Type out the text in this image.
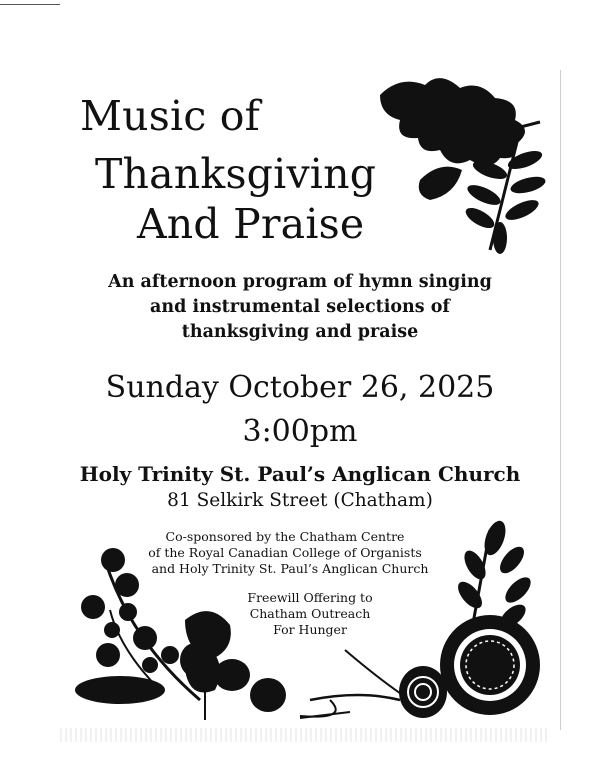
Music of
Thanksgiving
And Praise
An afternoon program of hymn singing
and instrumental selections of
thanksgiving and praise
Sunday October 26, 2025
3:00pm
Holy Trinity St. Paul’s Anglican Church
81 Selkirk Street (Chatham)
Co-sponsored by the Chatham Centre
of the Royal Canadian College of Organists
and Holy Trinity St. Paul’s Anglican Church
Freewill Offering to
Chatham Outreach
For Hunger
